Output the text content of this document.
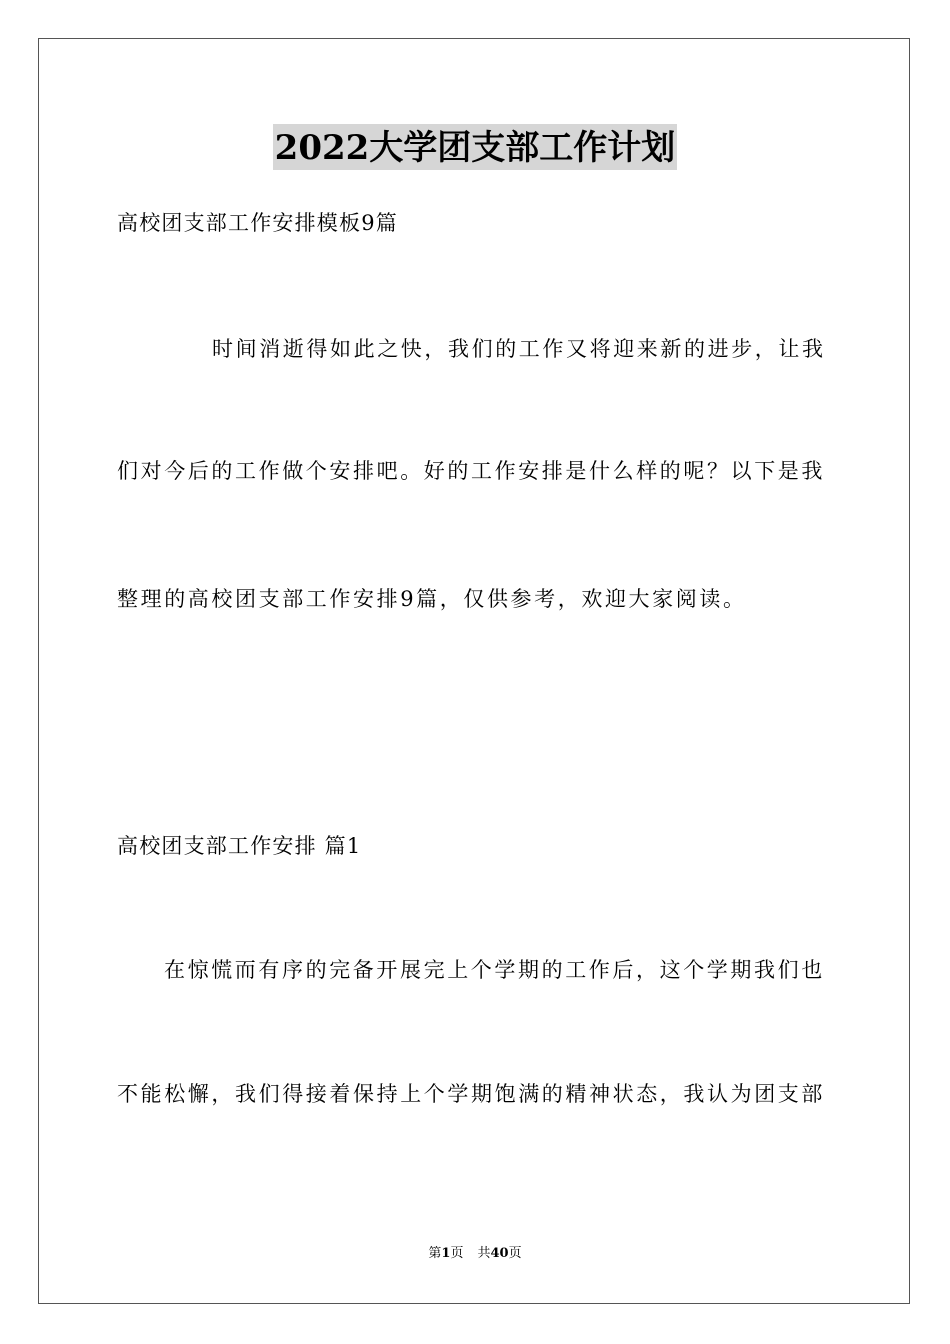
2022大学团支部工作计划
高校团支部工作安排模板9篇
时间消逝得如此之快，我们的工作又将迎来新的进步，让我
们对今后的工作做个安排吧。好的工作安排是什么样的呢？以下是我
整理的高校团支部工作安排9篇，仅供参考，欢迎大家阅读。
高校团支部工作安排 篇1
在惊慌而有序的完备开展完上个学期的工作后，这个学期我们也
不能松懈，我们得接着保持上个学期饱满的精神状态，我认为团支部
第1页 共40页
